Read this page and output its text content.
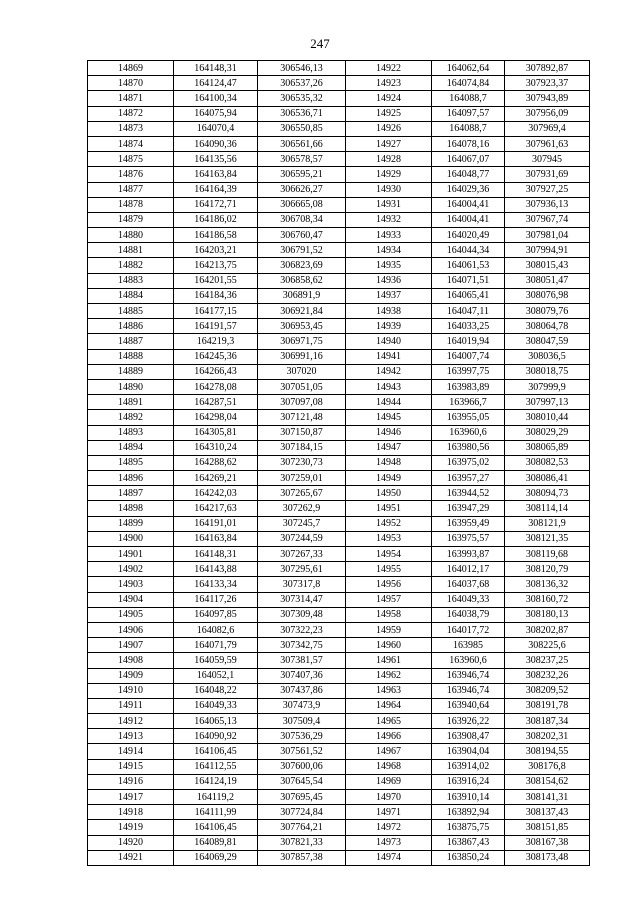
247
14869	164148,31	306546,13	14922	164062,64	307892,87
14870	164124,47	306537,26	14923	164074,84	307923,37
14871	164100,34	306535,32	14924	164088,7	307943,89
14872	164075,94	306536,71	14925	164097,57	307956,09
14873	164070,4	306550,85	14926	164088,7	307969,4
14874	164090,36	306561,66	14927	164078,16	307961,63
14875	164135,56	306578,57	14928	164067,07	307945
14876	164163,84	306595,21	14929	164048,77	307931,69
14877	164164,39	306626,27	14930	164029,36	307927,25
14878	164172,71	306665,08	14931	164004,41	307936,13
14879	164186,02	306708,34	14932	164004,41	307967,74
14880	164186,58	306760,47	14933	164020,49	307981,04
14881	164203,21	306791,52	14934	164044,34	307994,91
14882	164213,75	306823,69	14935	164061,53	308015,43
14883	164201,55	306858,62	14936	164071,51	308051,47
14884	164184,36	306891,9	14937	164065,41	308076,98
14885	164177,15	306921,84	14938	164047,11	308079,76
14886	164191,57	306953,45	14939	164033,25	308064,78
14887	164219,3	306971,75	14940	164019,94	308047,59
14888	164245,36	306991,16	14941	164007,74	308036,5
14889	164266,43	307020	14942	163997,75	308018,75
14890	164278,08	307051,05	14943	163983,89	307999,9
14891	164287,51	307097,08	14944	163966,7	307997,13
14892	164298,04	307121,48	14945	163955,05	308010,44
14893	164305,81	307150,87	14946	163960,6	308029,29
14894	164310,24	307184,15	14947	163980,56	308065,89
14895	164288,62	307230,73	14948	163975,02	308082,53
14896	164269,21	307259,01	14949	163957,27	308086,41
14897	164242,03	307265,67	14950	163944,52	308094,73
14898	164217,63	307262,9	14951	163947,29	308114,14
14899	164191,01	307245,7	14952	163959,49	308121,9
14900	164163,84	307244,59	14953	163975,57	308121,35
14901	164148,31	307267,33	14954	163993,87	308119,68
14902	164143,88	307295,61	14955	164012,17	308120,79
14903	164133,34	307317,8	14956	164037,68	308136,32
14904	164117,26	307314,47	14957	164049,33	308160,72
14905	164097,85	307309,48	14958	164038,79	308180,13
14906	164082,6	307322,23	14959	164017,72	308202,87
14907	164071,79	307342,75	14960	163985	308225,6
14908	164059,59	307381,57	14961	163960,6	308237,25
14909	164052,1	307407,36	14962	163946,74	308232,26
14910	164048,22	307437,86	14963	163946,74	308209,52
14911	164049,33	307473,9	14964	163940,64	308191,78
14912	164065,13	307509,4	14965	163926,22	308187,34
14913	164090,92	307536,29	14966	163908,47	308202,31
14914	164106,45	307561,52	14967	163904,04	308194,55
14915	164112,55	307600,06	14968	163914,02	308176,8
14916	164124,19	307645,54	14969	163916,24	308154,62
14917	164119,2	307695,45	14970	163910,14	308141,31
14918	164111,99	307724,84	14971	163892,94	308137,43
14919	164106,45	307764,21	14972	163875,75	308151,85
14920	164089,81	307821,33	14973	163867,43	308167,38
14921	164069,29	307857,38	14974	163850,24	308173,48
